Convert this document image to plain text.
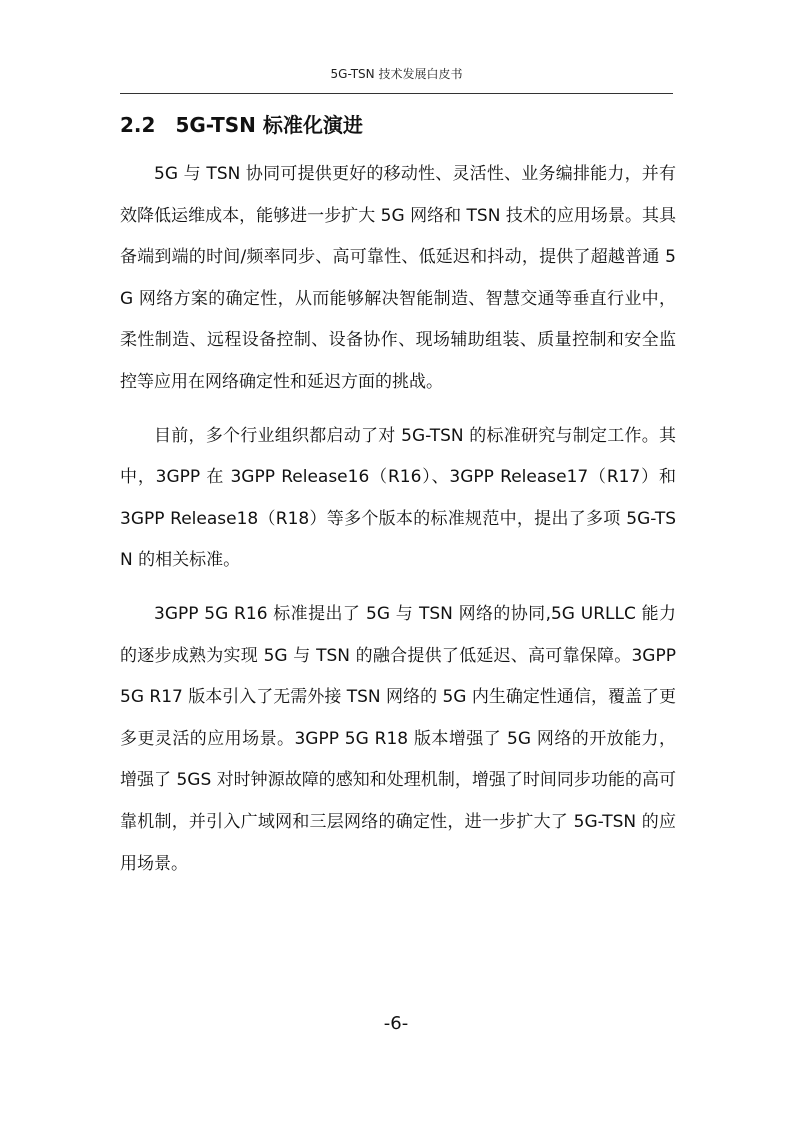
5G-TSN 技术发展白皮书
2.2 5G-TSN 标准化演进

5G 与 TSN 协同可提供更好的移动性、灵活性、业务编排能力，并有效降低运维成本，能够进一步扩大 5G 网络和 TSN 技术的应用场景。其具备端到端的时间/频率同步、高可靠性、低延迟和抖动，提供了超越普通 5G 网络方案的确定性，从而能够解决智能制造、智慧交通等垂直行业中，柔性制造、远程设备控制、设备协作、现场辅助组装、质量控制和安全监控等应用在网络确定性和延迟方面的挑战。

目前，多个行业组织都启动了对 5G-TSN 的标准研究与制定工作。其中，3GPP 在 3GPP Release16（R16）、3GPP Release17（R17）和 3GPP Release18（R18）等多个版本的标准规范中，提出了多项 5G-TSN 的相关标准。

3GPP 5G R16 标准提出了 5G 与 TSN 网络的协同,5G URLLC 能力的逐步成熟为实现 5G 与 TSN 的融合提供了低延迟、高可靠保障。3GPP 5G R17 版本引入了无需外接 TSN 网络的 5G 内生确定性通信，覆盖了更多更灵活的应用场景。3GPP 5G R18 版本增强了 5G 网络的开放能力，增强了 5GS 对时钟源故障的感知和处理机制，增强了时间同步功能的高可靠机制，并引入广域网和三层网络的确定性，进一步扩大了 5G-TSN 的应用场景。

-6-
